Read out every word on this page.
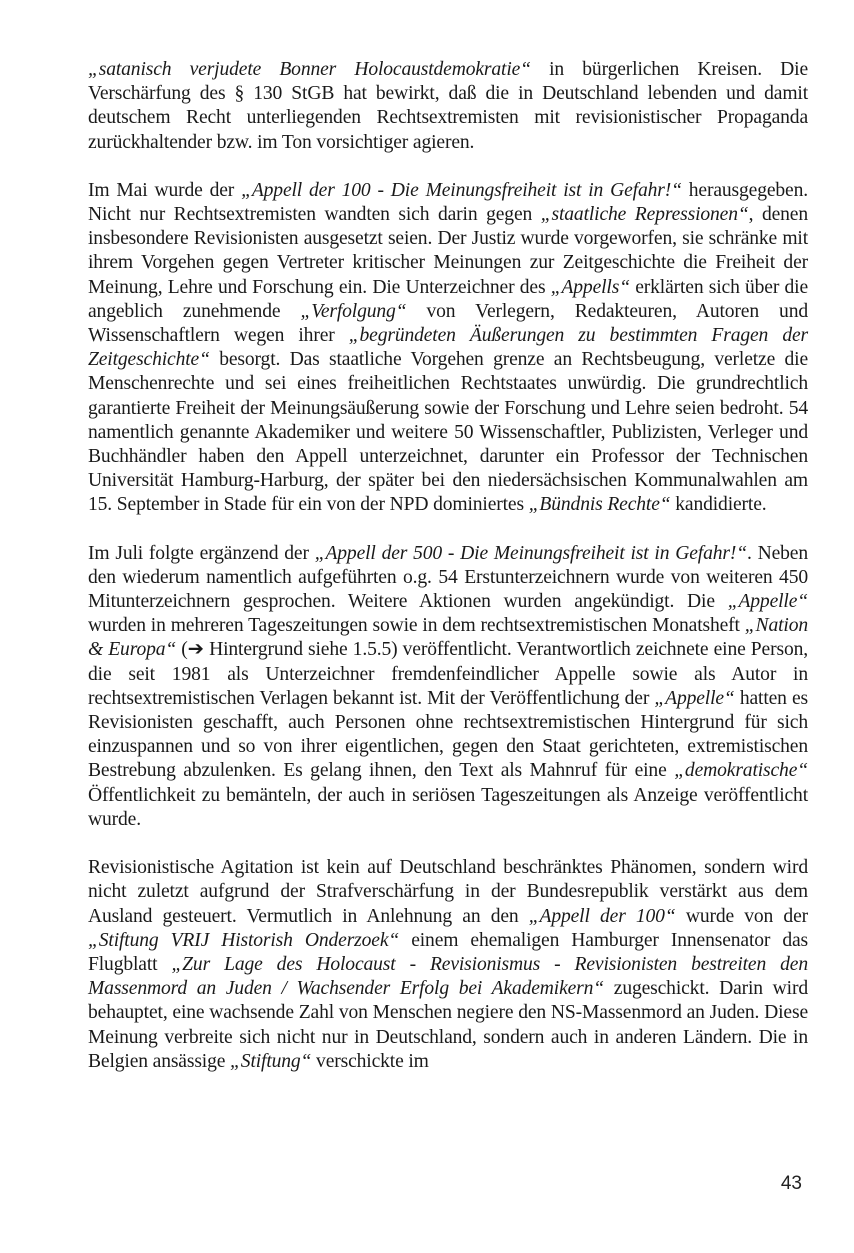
„satanisch verjudete Bonner Holocaustdemokratie“ in bürgerlichen Kreisen. Die Verschärfung des § 130 StGB hat bewirkt, daß die in Deutschland lebenden und damit deutschem Recht unterliegenden Rechtsextremisten mit revisionistischer Propaganda zurückhaltender bzw. im Ton vorsichtiger agieren.

Im Mai wurde der „Appell der 100 - Die Meinungsfreiheit ist in Gefahr!“ herausgegeben. Nicht nur Rechtsextremisten wandten sich darin gegen „staatliche Repressionen“, denen insbesondere Revisionisten ausgesetzt seien. Der Justiz wurde vorgeworfen, sie schränke mit ihrem Vorgehen gegen Vertreter kritischer Meinungen zur Zeitgeschichte die Freiheit der Meinung, Lehre und Forschung ein. Die Unterzeichner des „Appells“ erklärten sich über die angeblich zunehmende „Verfolgung“ von Verlegern, Redakteuren, Autoren und Wissenschaftlern wegen ihrer „begründeten Äußerungen zu bestimmten Fragen der Zeitgeschichte“ besorgt. Das staatliche Vorgehen grenze an Rechtsbeugung, verletze die Menschenrechte und sei eines freiheitlichen Rechtstaates unwürdig. Die grundrechtlich garantierte Freiheit der Meinungsäußerung sowie der Forschung und Lehre seien bedroht. 54 namentlich genannte Akademiker und weitere 50 Wissenschaftler, Publizisten, Verleger und Buchhändler haben den Appell unterzeichnet, darunter ein Professor der Technischen Universität Hamburg-Harburg, der später bei den niedersächsischen Kommunalwahlen am 15. September in Stade für ein von der NPD dominiertes „Bündnis Rechte“ kandidierte.

Im Juli folgte ergänzend der „Appell der 500 - Die Meinungsfreiheit ist in Gefahr!“. Neben den wiederum namentlich aufgeführten o.g. 54 Erstunterzeichnern wurde von weiteren 450 Mitunterzeichnern gesprochen. Weitere Aktionen wurden angekündigt. Die „Appelle“ wurden in mehreren Tageszeitungen sowie in dem rechtsextremistischen Monatsheft „Nation & Europa“ (➔ Hintergrund siehe 1.5.5) veröffentlicht. Verantwortlich zeichnete eine Person, die seit 1981 als Unterzeichner fremdenfeindlicher Appelle sowie als Autor in rechtsextremistischen Verlagen bekannt ist. Mit der Veröffentlichung der „Appelle“ hatten es Revisionisten geschafft, auch Personen ohne rechtsextremistischen Hintergrund für sich einzuspannen und so von ihrer eigentlichen, gegen den Staat gerichteten, extremistischen Bestrebung abzulenken. Es gelang ihnen, den Text als Mahnruf für eine „demokratische“ Öffentlichkeit zu bemänteln, der auch in seriösen Tageszeitungen als Anzeige veröffentlicht wurde.

Revisionistische Agitation ist kein auf Deutschland beschränktes Phänomen, sondern wird nicht zuletzt aufgrund der Strafverschärfung in der Bundesrepublik verstärkt aus dem Ausland gesteuert. Vermutlich in Anlehnung an den „Appell der 100“ wurde von der „Stiftung VRIJ Historish Onderzoek“ einem ehemaligen Hamburger Innensenator das Flugblatt „Zur Lage des Holocaust - Revisionismus - Revisionisten bestreiten den Massenmord an Juden / Wachsender Erfolg bei Akademikern“ zugeschickt. Darin wird behauptet, eine wachsende Zahl von Menschen negiere den NS-Massenmord an Juden. Diese Meinung verbreite sich nicht nur in Deutschland, sondern auch in anderen Ländern. Die in Belgien ansässige „Stiftung“ verschickte im

43
